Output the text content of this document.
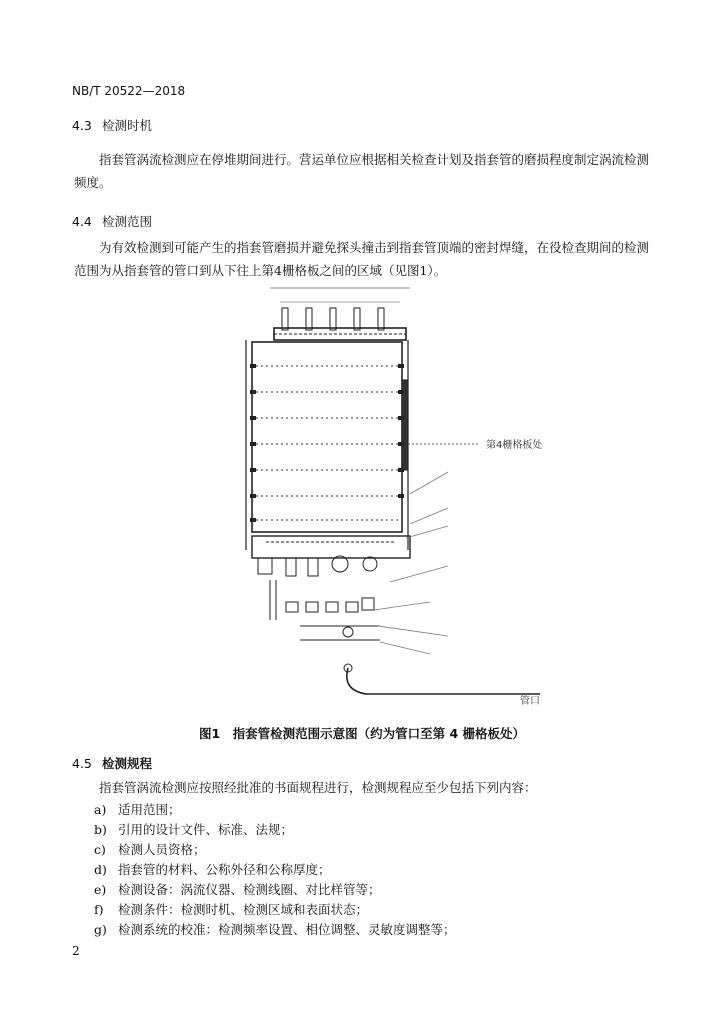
NB/T 20522—2018
4.3 检测时机

指套管涡流检测应在停堆期间进行。营运单位应根据相关检查计划及指套管的磨损程度制定涡流检测频度。

4.4 检测范围

为有效检测到可能产生的指套管磨损并避免探头撞击到指套管顶端的密封焊缝，在役检查期间的检测范围为从指套管的管口到从下往上第4栅格板之间的区域（见图1）。

第4栅格板处
管口
图1　指套管检测范围示意图（约为管口至第 4 栅格板处）
4.5 检测规程

指套管涡流检测应按照经批准的书面规程进行，检测规程应至少包括下列内容：

a) 适用范围；
b) 引用的设计文件、标准、法规；
c) 检测人员资格；
d) 指套管的材料、公称外径和公称厚度；
e) 检测设备：涡流仪器、检测线圈、对比样管等；
f) 检测条件：检测时机、检测区域和表面状态；
g) 检测系统的校准：检测频率设置、相位调整、灵敏度调整等；
2
